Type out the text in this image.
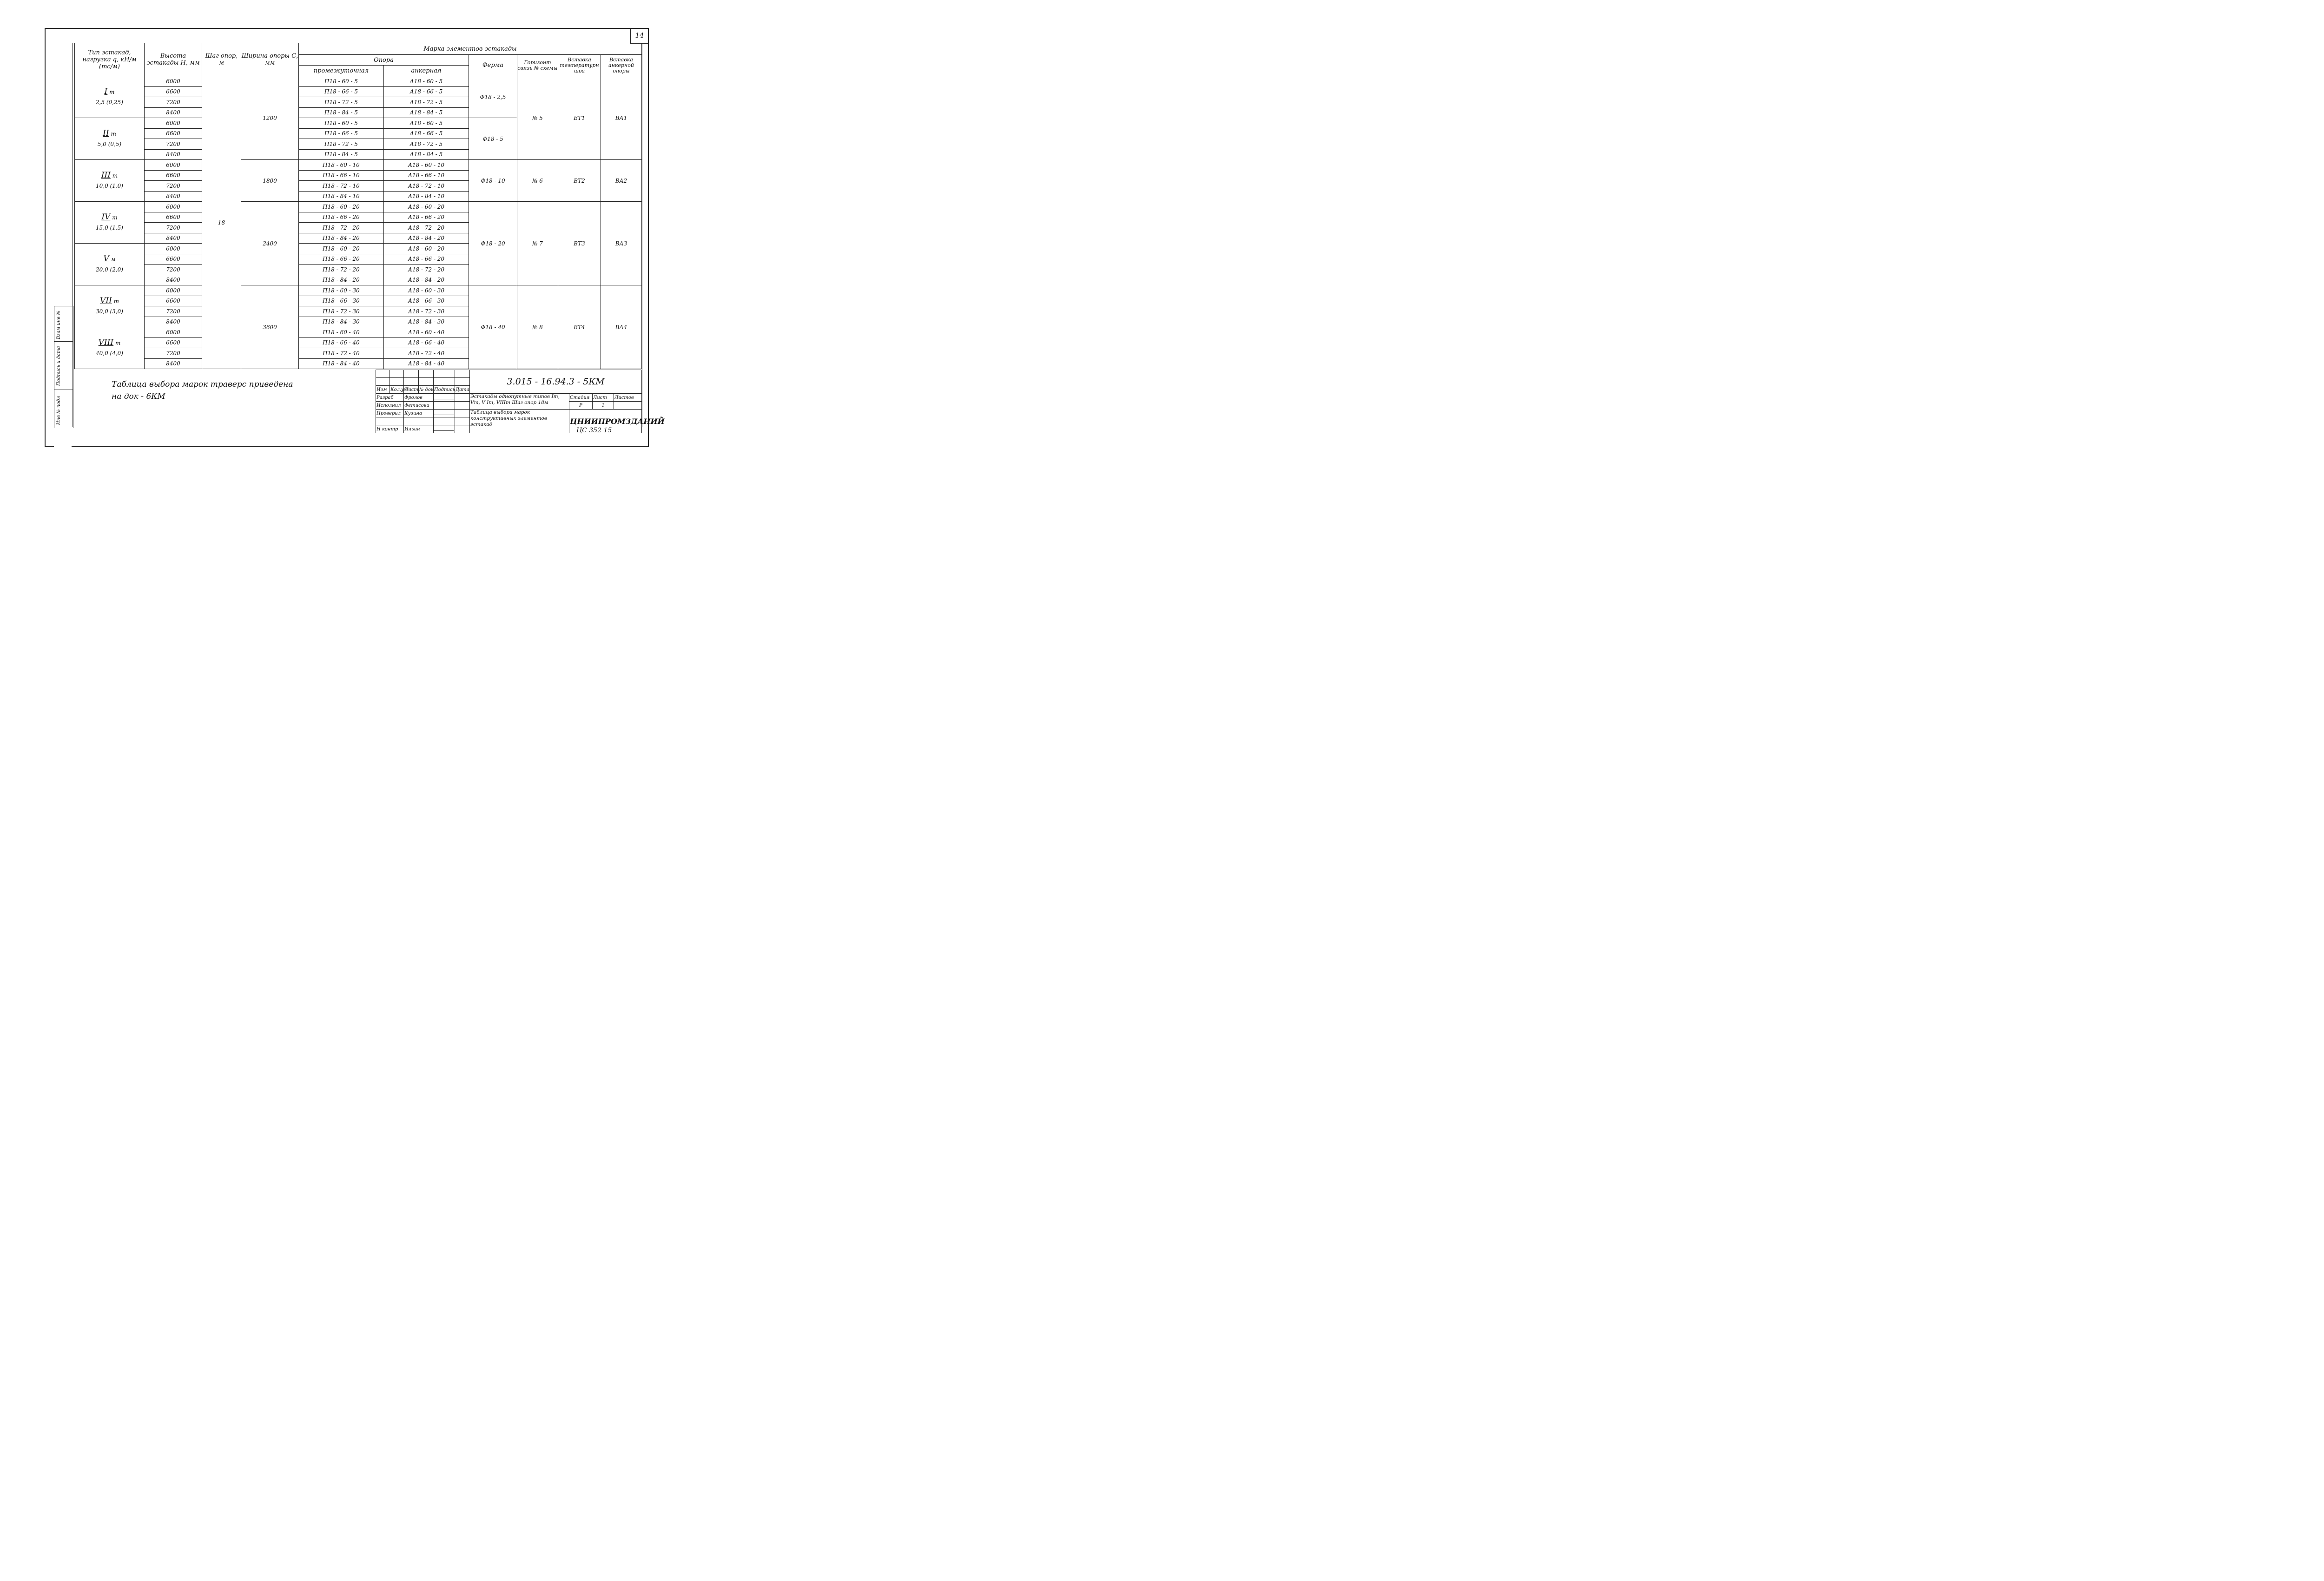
14
Тип эстакад, нагрузка q, кН/м (тс/м)	Высота эстакады H, мм	Шаг опор, м	Ширина опоры С, мм	Марка элементов эстакады					
				Опора		Ферма	Горизонт связь № схемы	Вставка температурн шва	Вставка анкерной опоры
				промежуточная	анкерная				

I т
2,5 (0,25)	6000	18	1200	П18 - 60 - 5	А18 - 60 - 5	Ф18 - 2,5	№ 5	ВТ1	ВА1
	6600			П18 - 66 - 5	А18 - 66 - 5				
	7200			П18 - 72 - 5	А18 - 72 - 5				
	8400			П18 - 84 - 5	А18 - 84 - 5				

II т
5,0 (0,5)	6000			П18 - 60 - 5	А18 - 60 - 5	Ф18 - 5			
	6600			П18 - 66 - 5	А18 - 66 - 5				
	7200			П18 - 72 - 5	А18 - 72 - 5				
	8400			П18 - 84 - 5	А18 - 84 - 5				

III т
10,0 (1,0)	6000		1800	П18 - 60 - 10	А18 - 60 - 10	Ф18 - 10	№ 6	ВТ2	ВА2
	6600			П18 - 66 - 10	А18 - 66 - 10				
	7200			П18 - 72 - 10	А18 - 72 - 10				
	8400			П18 - 84 - 10	А18 - 84 - 10				

IV т
15,0 (1,5)	6000		2400	П18 - 60 - 20	А18 - 60 - 20	Ф18 - 20	№ 7	ВТ3	ВА3
	6600			П18 - 66 - 20	А18 - 66 - 20				
	7200			П18 - 72 - 20	А18 - 72 - 20				
	8400			П18 - 84 - 20	А18 - 84 - 20				

V м
20,0 (2,0)	6000			П18 - 60 - 20	А18 - 60 - 20				
	6600			П18 - 66 - 20	А18 - 66 - 20				
	7200			П18 - 72 - 20	А18 - 72 - 20				
	8400			П18 - 84 - 20	А18 - 84 - 20				

VII т
30,0 (3,0)	6000		3600	П18 - 60 - 30	А18 - 60 - 30	Ф18 - 40	№ 8	ВТ4	ВА4
	6600			П18 - 66 - 30	А18 - 66 - 30				
	7200			П18 - 72 - 30	А18 - 72 - 30				
	8400			П18 - 84 - 30	А18 - 84 - 30				

VIII т
40,0 (4,0)	6000			П18 - 60 - 40	А18 - 60 - 40				
	6600			П18 - 66 - 40	А18 - 66 - 40				
	7200			П18 - 72 - 40	А18 - 72 - 40				
	8400			П18 - 84 - 40	А18 - 84 - 40				
Таблица выбора марок траверс приведена
на док - 6КМ
						3.015 - 16.94.3 - 5КМ			

Изм	Кол.уч	Лист	№ док	Подпись	Дата				
Разраб		Фролов				Эстакады однопутные типов Iт, Vт, V Iт, VIIIт Шаг опор 18м	Стадия	Лист	Листов
Исполнил		Фетисова					Р	1	
Проверил		Кузина				Таблица выбора марок конструктивных элементов эстакад	ЦНИИПРОМЗДАНИЙ		

Н контр		Ильин							
Взам инв №
Подпись и дата
Инв № подл
ЦС 352 15
